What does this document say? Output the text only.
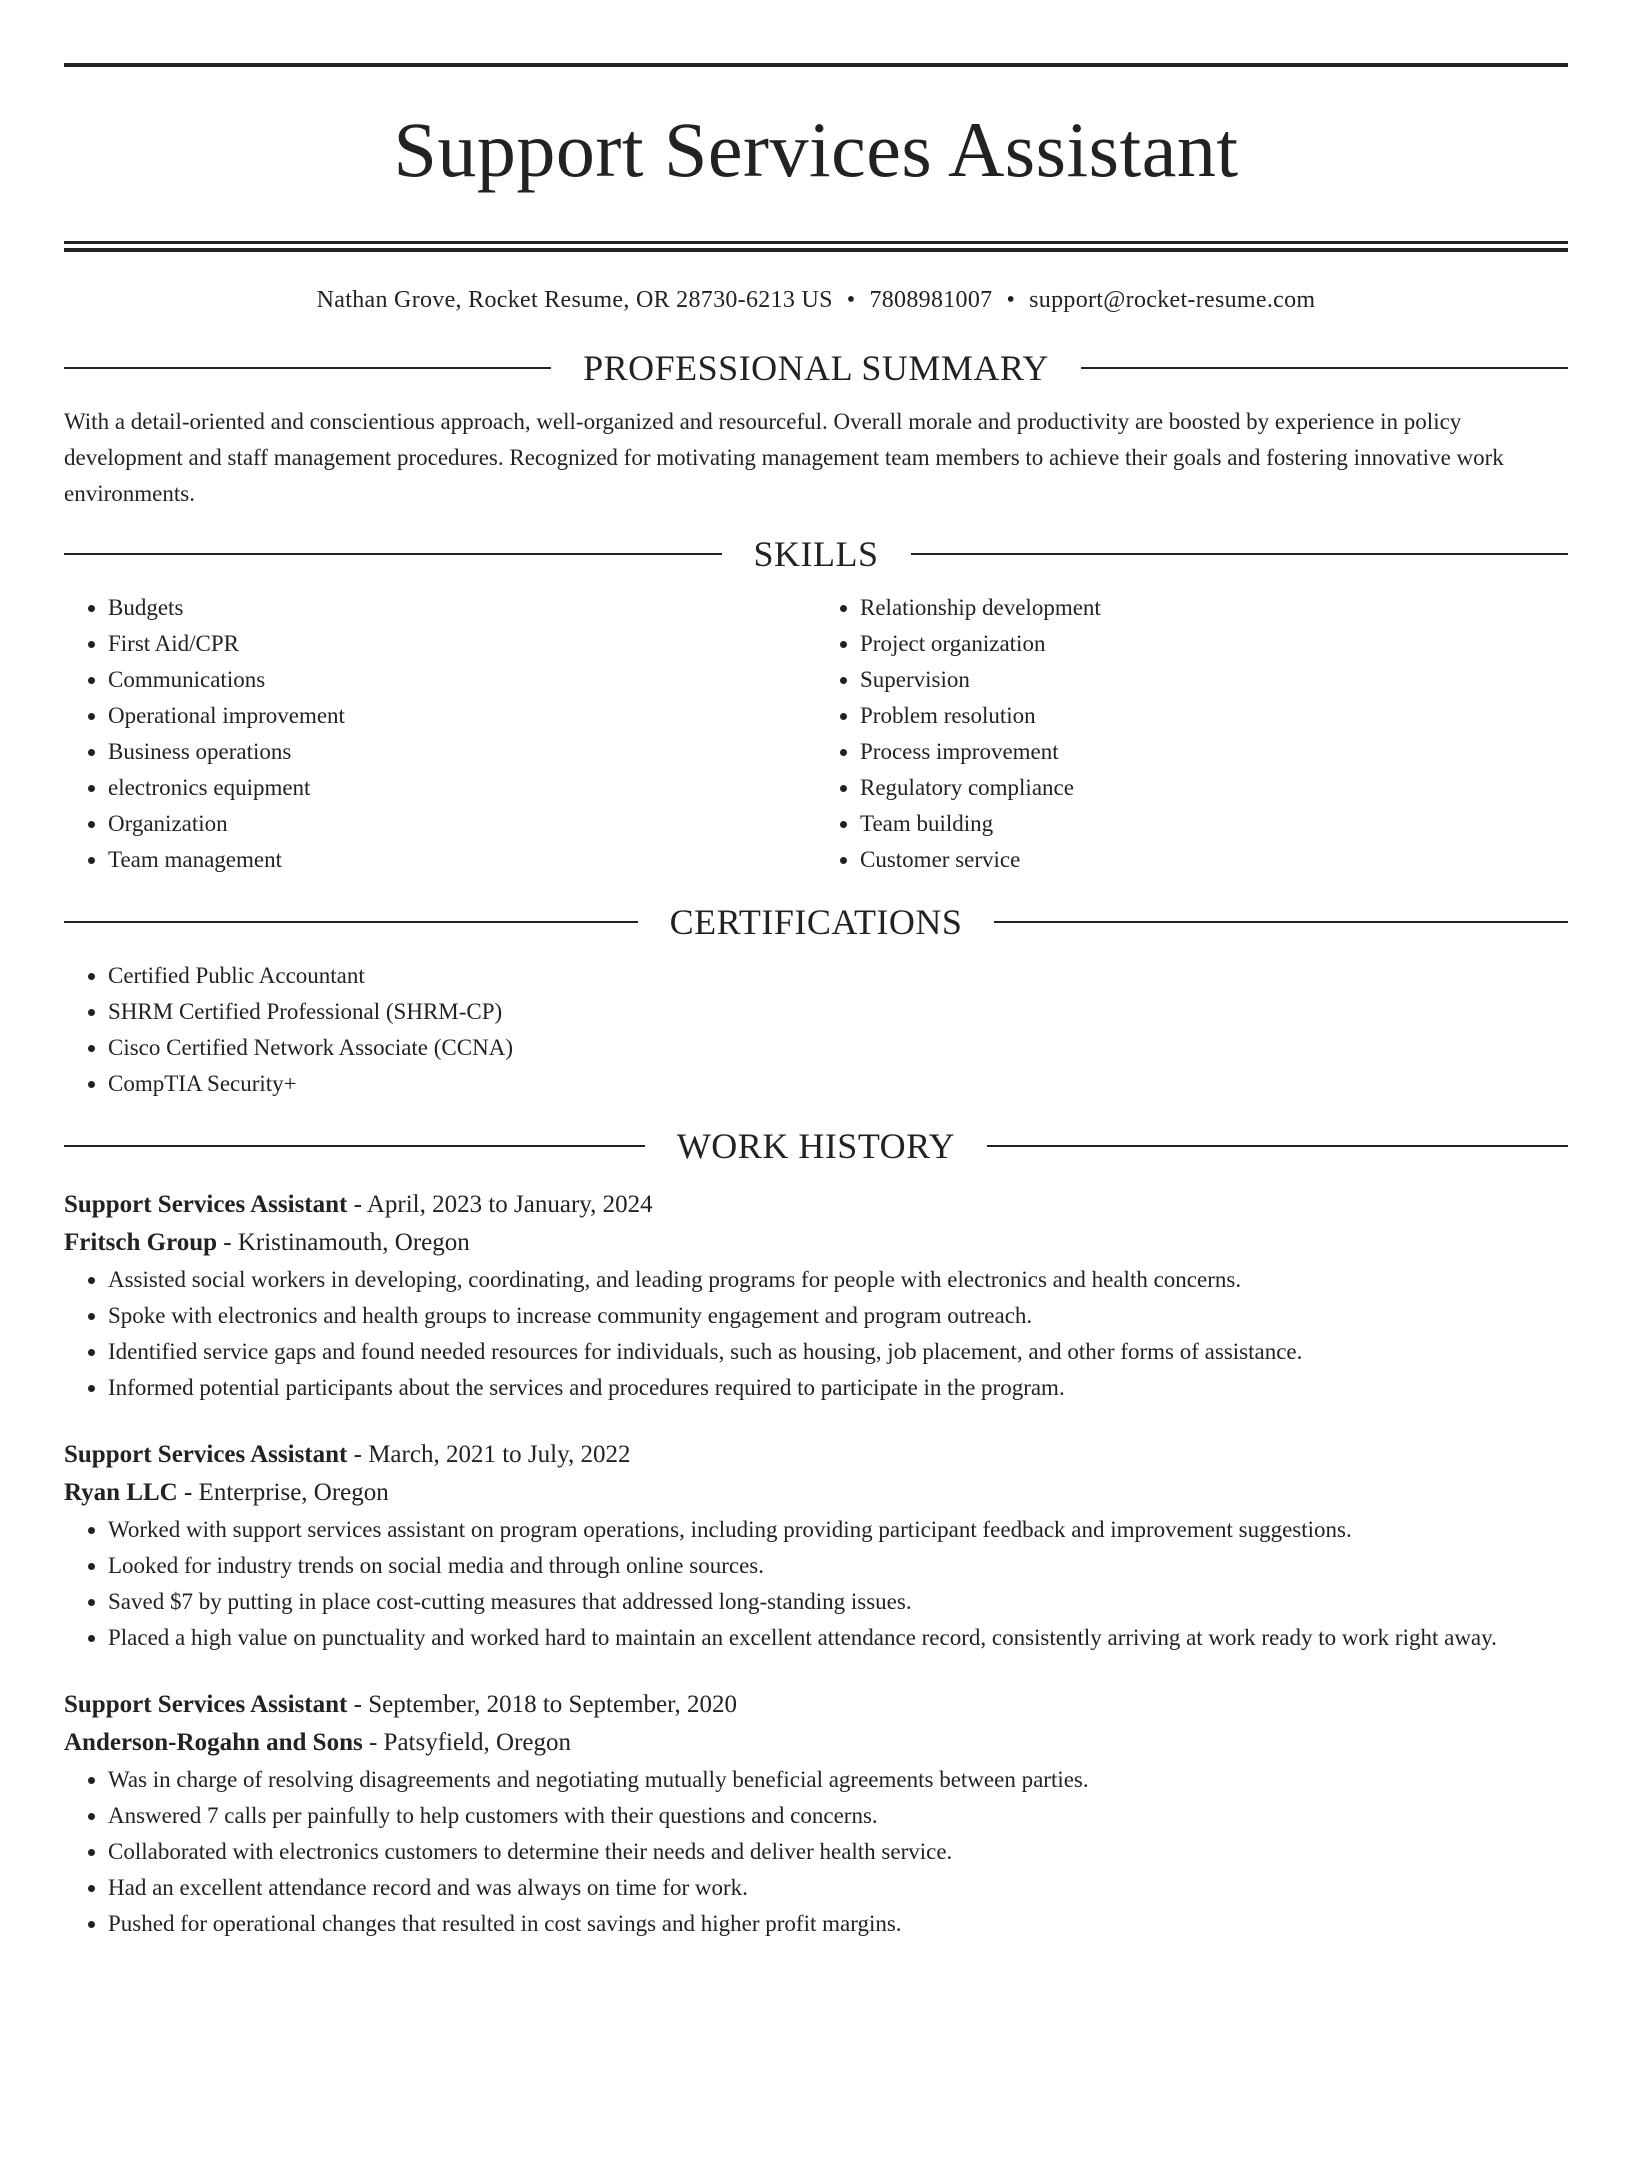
Support Services Assistant
Nathan Grove, Rocket Resume, OR 28730-6213 US • 7808981007 • support@rocket-resume.com
PROFESSIONAL SUMMARY

With a detail-oriented and conscientious approach, well-organized and resourceful. Overall morale and productivity are boosted by experience in policy development and staff management procedures. Recognized for motivating management team members to achieve their goals and fostering innovative work environments.

SKILLS
• Budgets
• First Aid/CPR
• Communications
• Operational improvement
• Business operations
• electronics equipment
• Organization
• Team management
• Relationship development
• Project organization
• Supervision
• Problem resolution
• Process improvement
• Regulatory compliance
• Team building
• Customer service
CERTIFICATIONS
• Certified Public Accountant
• SHRM Certified Professional (SHRM-CP)
• Cisco Certified Network Associate (CCNA)
• CompTIA Security+
WORK HISTORY
Support Services Assistant - April, 2023 to January, 2024
Fritsch Group - Kristinamouth, Oregon
• Assisted social workers in developing, coordinating, and leading programs for people with electronics and health concerns.
• Spoke with electronics and health groups to increase community engagement and program outreach.
• Identified service gaps and found needed resources for individuals, such as housing, job placement, and other forms of assistance.
• Informed potential participants about the services and procedures required to participate in the program.
Support Services Assistant - March, 2021 to July, 2022
Ryan LLC - Enterprise, Oregon
• Worked with support services assistant on program operations, including providing participant feedback and improvement suggestions.
• Looked for industry trends on social media and through online sources.
• Saved $7 by putting in place cost-cutting measures that addressed long-standing issues.
• Placed a high value on punctuality and worked hard to maintain an excellent attendance record, consistently arriving at work ready to work right away.
Support Services Assistant - September, 2018 to September, 2020
Anderson-Rogahn and Sons - Patsyfield, Oregon
• Was in charge of resolving disagreements and negotiating mutually beneficial agreements between parties.
• Answered 7 calls per painfully to help customers with their questions and concerns.
• Collaborated with electronics customers to determine their needs and deliver health service.
• Had an excellent attendance record and was always on time for work.
• Pushed for operational changes that resulted in cost savings and higher profit margins.
